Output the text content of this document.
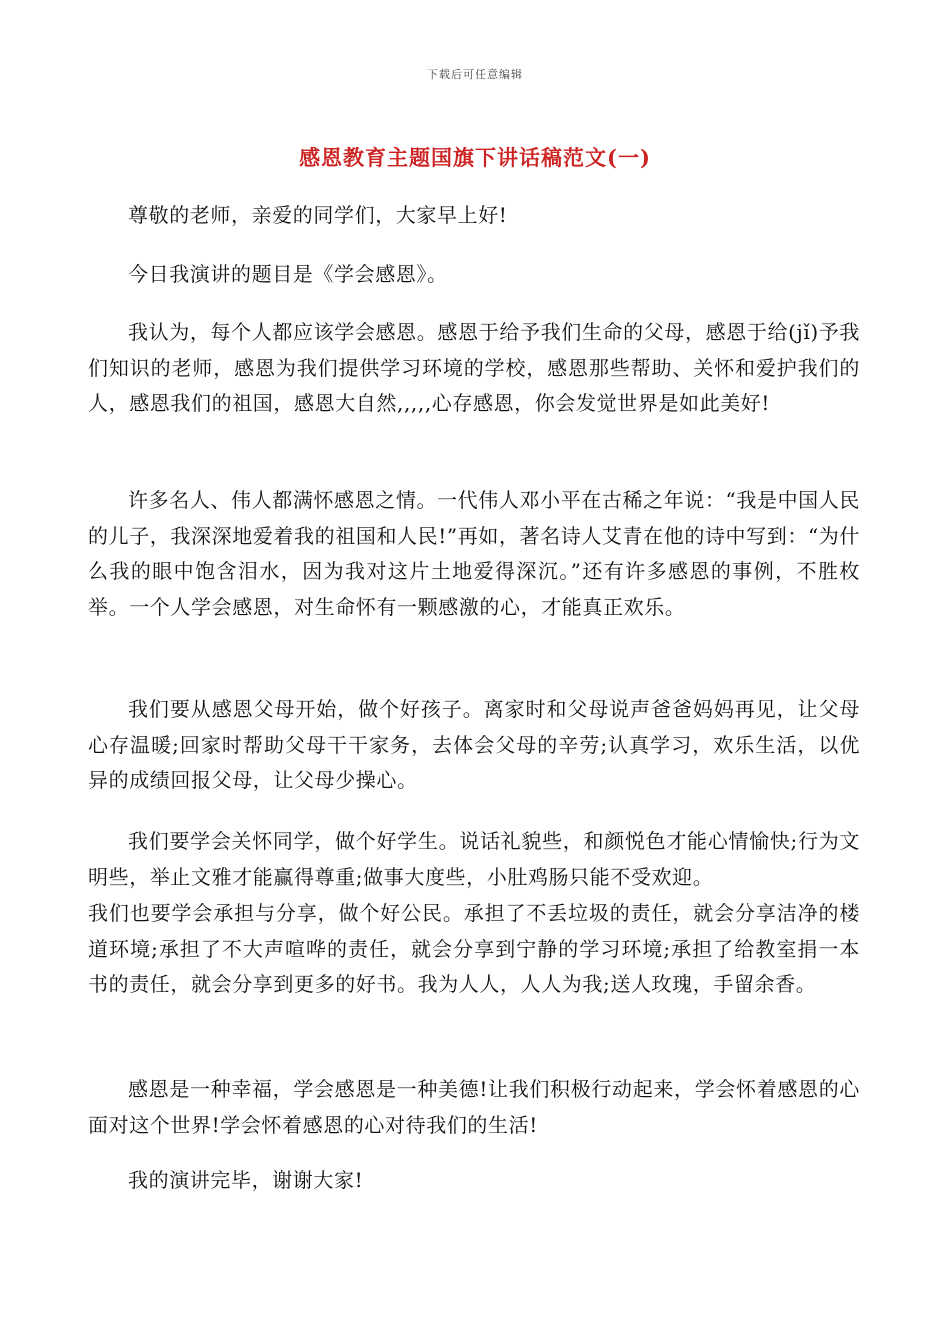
下载后可任意编辑
感恩教育主题国旗下讲话稿范文(一)

尊敬的老师，亲爱的同学们，大家早上好!

今日我演讲的题目是《学会感恩》。

我认为，每个人都应该学会感恩。感恩于给予我们生命的父母，感恩于给(jǐ)予我们知识的老师，感恩为我们提供学习环境的学校，感恩那些帮助、关怀和爱护我们的人，感恩我们的祖国，感恩大自然,,,,,心存感恩，你会发觉世界是如此美好!

许多名人、伟人都满怀感恩之情。一代伟人邓小平在古稀之年说：“我是中国人民的儿子，我深深地爱着我的祖国和人民!”再如，著名诗人艾青在他的诗中写到：“为什么我的眼中饱含泪水，因为我对这片土地爱得深沉。”还有许多感恩的事例，不胜枚举。一个人学会感恩，对生命怀有一颗感激的心，才能真正欢乐。

我们要从感恩父母开始，做个好孩子。离家时和父母说声爸爸妈妈再见，让父母心存温暖;回家时帮助父母干干家务，去体会父母的辛劳;认真学习，欢乐生活，以优异的成绩回报父母，让父母少操心。

我们要学会关怀同学，做个好学生。说话礼貌些，和颜悦色才能心情愉快;行为文明些，举止文雅才能赢得尊重;做事大度些，小肚鸡肠只能不受欢迎。

我们也要学会承担与分享，做个好公民。承担了不丢垃圾的责任，就会分享洁净的楼道环境;承担了不大声喧哗的责任，就会分享到宁静的学习环境;承担了给教室捐一本书的责任，就会分享到更多的好书。我为人人，人人为我;送人玫瑰，手留余香。

感恩是一种幸福，学会感恩是一种美德!让我们积极行动起来，学会怀着感恩的心面对这个世界!学会怀着感恩的心对待我们的生活!

我的演讲完毕，谢谢大家!
